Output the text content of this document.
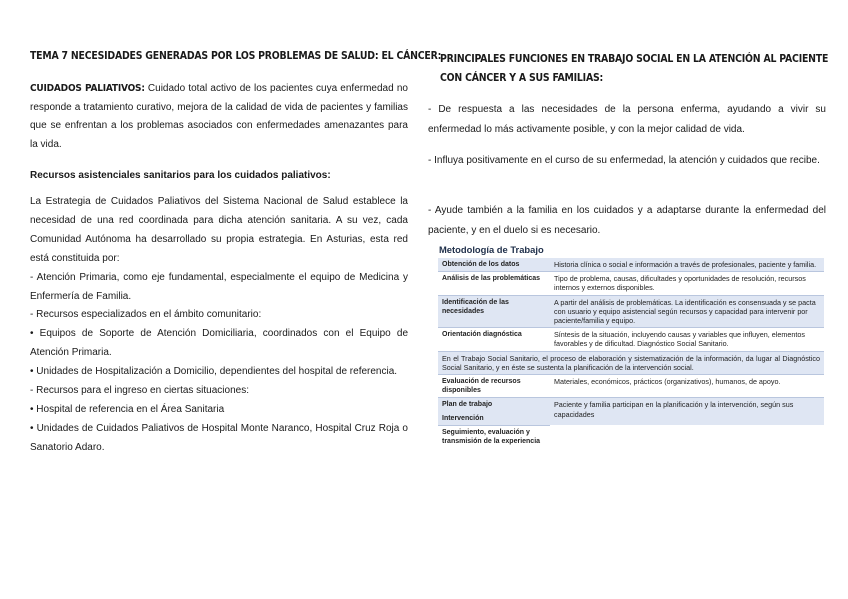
TEMA 7 NECESIDADES GENERADAS POR LOS PROBLEMAS DE SALUD: EL CÁNCER:
CUIDADOS PALIATIVOS: Cuidado total activo de los pacientes cuya enfermedad no responde a tratamiento curativo, mejora de la calidad de vida de pacientes y familias que se enfrentan a los problemas asociados con enfermedades amenazantes para la vida.
Recursos asistenciales sanitarios para los cuidados paliativos:

La Estrategia de Cuidados Paliativos del Sistema Nacional de Salud establece la necesidad de una red coordinada para dicha atención sanitaria. A su vez, cada Comunidad Autónoma ha desarrollado su propia estrategia. En Asturias, esta red está constituida por:

- Atención Primaria, como eje fundamental, especialmente el equipo de Medicina y Enfermería de Familia.

- Recursos especializados en el ámbito comunitario:

• Equipos de Soporte de Atención Domiciliaria, coordinados con el Equipo de Atención Primaria.

• Unidades de Hospitalización a Domicilio, dependientes del hospital de referencia.

- Recursos para el ingreso en ciertas situaciones:

• Hospital de referencia en el Área Sanitaria

• Unidades de Cuidados Paliativos de Hospital Monte Naranco, Hospital Cruz Roja o Sanatorio Adaro.

PRINCIPALES FUNCIONES EN TRABAJO SOCIAL EN LA ATENCIÓN AL PACIENTE CON CÁNCER Y A SUS FAMILIAS:
- De respuesta a las necesidades de la persona enferma, ayudando a vivir su enfermedad lo más activamente posible, y con la mejor calidad de vida.
- Influya positivamente en el curso de su enfermedad, la atención y cuidados que recibe.
- Ayude también a la familia en los cuidados y a adaptarse durante la enfermedad del paciente, y en el duelo si es necesario.
Metodología de Trabajo
Obtención de los datos	Historia clínica o social e información a través de profesionales, paciente y familia.
Análisis de las problemáticas	Tipo de problema, causas, dificultades y oportunidades de resolución, recursos internos y externos disponibles.
Identificación de las necesidades	A partir del análisis de problemáticas. La identificación es consensuada y se pacta con usuario y equipo asistencial según recursos y capacidad para intervenir por paciente/familia y equipo.
Orientación diagnóstica	Síntesis de la situación, incluyendo causas y variables que influyen, elementos favorables y de dificultad. Diagnóstico Social Sanitario.
En el Trabajo Social Sanitario, el proceso de elaboración y sistematización de la información, da lugar al Diagnóstico Social Sanitario, y en éste se sustenta la planificación de la intervención social.	
Evaluación de recursos disponibles	Materiales, económicos, prácticos (organizativos), humanos, de apoyo.
Plan de trabajo	Paciente y familia participan en la planificación y la intervención, según sus capacidades
Intervención	
Seguimiento, evaluación y transmisión de la experiencia	
